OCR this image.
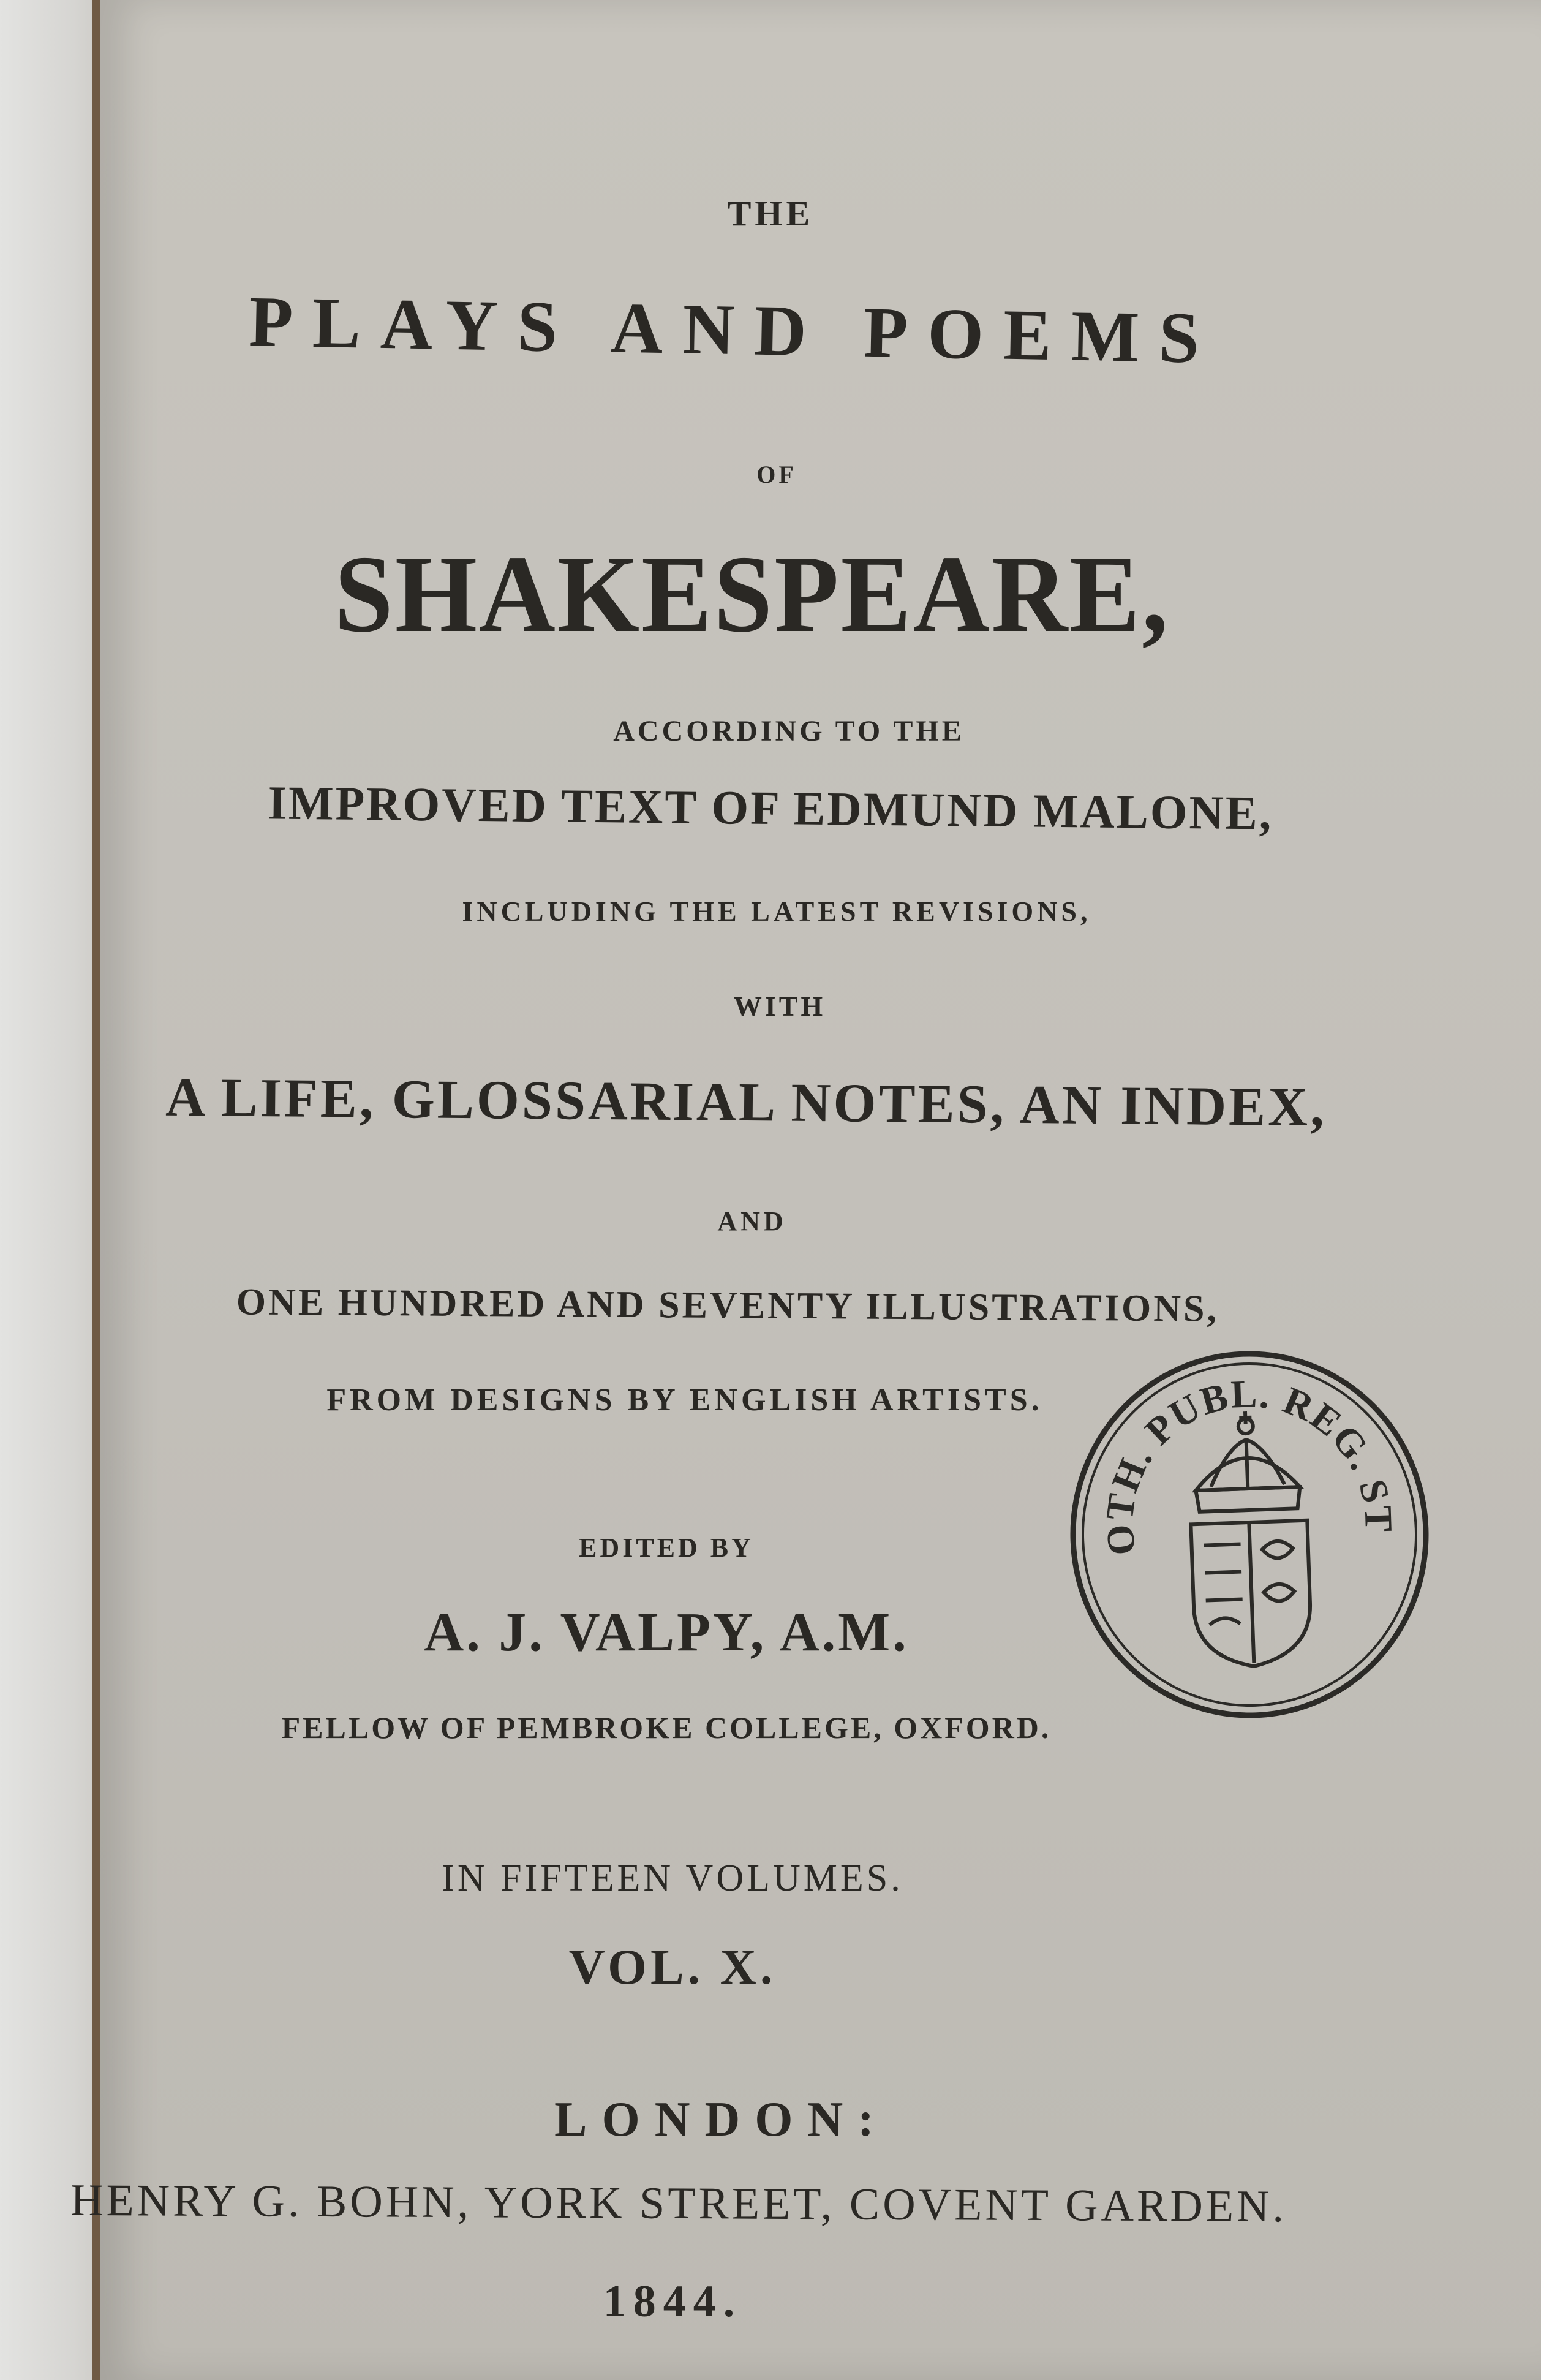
THE
PLAYS AND POEMS
OF
SHAKESPEARE,
ACCORDING TO THE
IMPROVED TEXT OF EDMUND MALONE,
INCLUDING THE LATEST REVISIONS,
WITH
A LIFE, GLOSSARIAL NOTES, AN INDEX,
AND
ONE HUNDRED AND SEVENTY ILLUSTRATIONS,
FROM DESIGNS BY ENGLISH ARTISTS.
EDITED BY
A. J. VALPY, A.M.
FELLOW OF PEMBROKE COLLEGE, OXFORD.
IN FIFTEEN VOLUMES.
VOL. X.
LONDON:
HENRY G. BOHN, YORK STREET, COVENT GARDEN.
1844.
BIBLIOTH. PUBL. REG. STUTTG.
